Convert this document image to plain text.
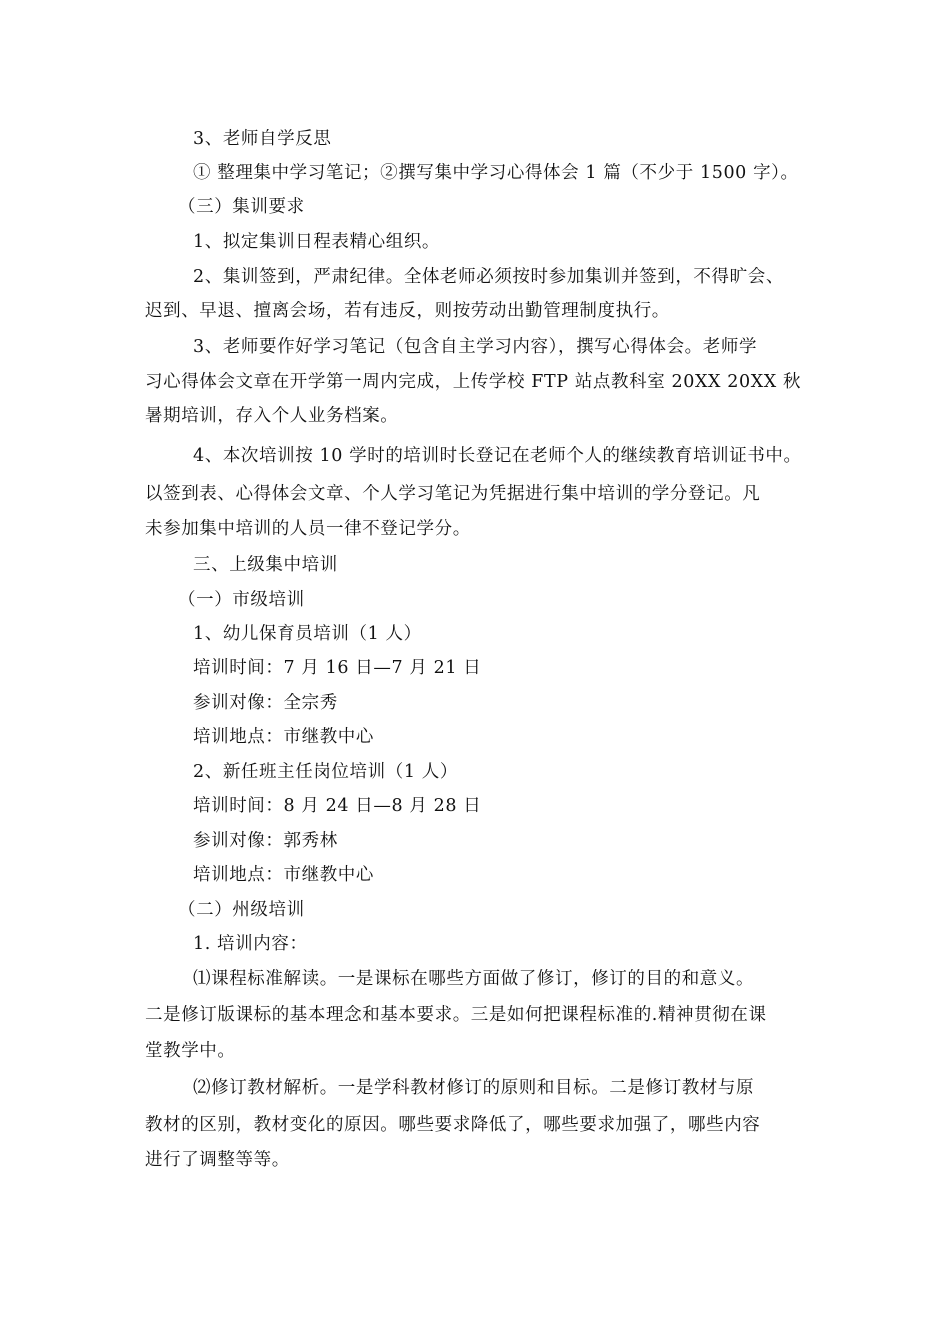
3、老师自学反思
① 整理集中学习笔记；②撰写集中学习心得体会 1 篇（不少于 1500 字）。
（三）集训要求
1、拟定集训日程表精心组织。
2、集训签到，严肃纪律。全体老师必须按时参加集训并签到，不得旷会、
迟到、早退、擅离会场，若有违反，则按劳动出勤管理制度执行。
3、老师要作好学习笔记（包含自主学习内容），撰写心得体会。老师学
习心得体会文章在开学第一周内完成，上传学校 FTP 站点教科室 20XX 20XX 秋
暑期培训，存入个人业务档案。
4、本次培训按 10 学时的培训时长登记在老师个人的继续教育培训证书中。
以签到表、心得体会文章、个人学习笔记为凭据进行集中培训的学分登记。凡
未参加集中培训的人员一律不登记学分。
三、上级集中培训
（一）市级培训
1、幼儿保育员培训（1 人）
培训时间：7 月 16 日—7 月 21 日
参训对像：全宗秀
培训地点：市继教中心
2、新任班主任岗位培训（1 人）
培训时间：8 月 24 日—8 月 28 日
参训对像：郭秀林
培训地点：市继教中心
（二）州级培训
1. 培训内容：
⑴课程标准解读。一是课标在哪些方面做了修订，修订的目的和意义。
二是修订版课标的基本理念和基本要求。三是如何把课程标准的.精神贯彻在课
堂教学中。
⑵修订教材解析。一是学科教材修订的原则和目标。二是修订教材与原
教材的区别，教材变化的原因。哪些要求降低了，哪些要求加强了，哪些内容
进行了调整等等。
